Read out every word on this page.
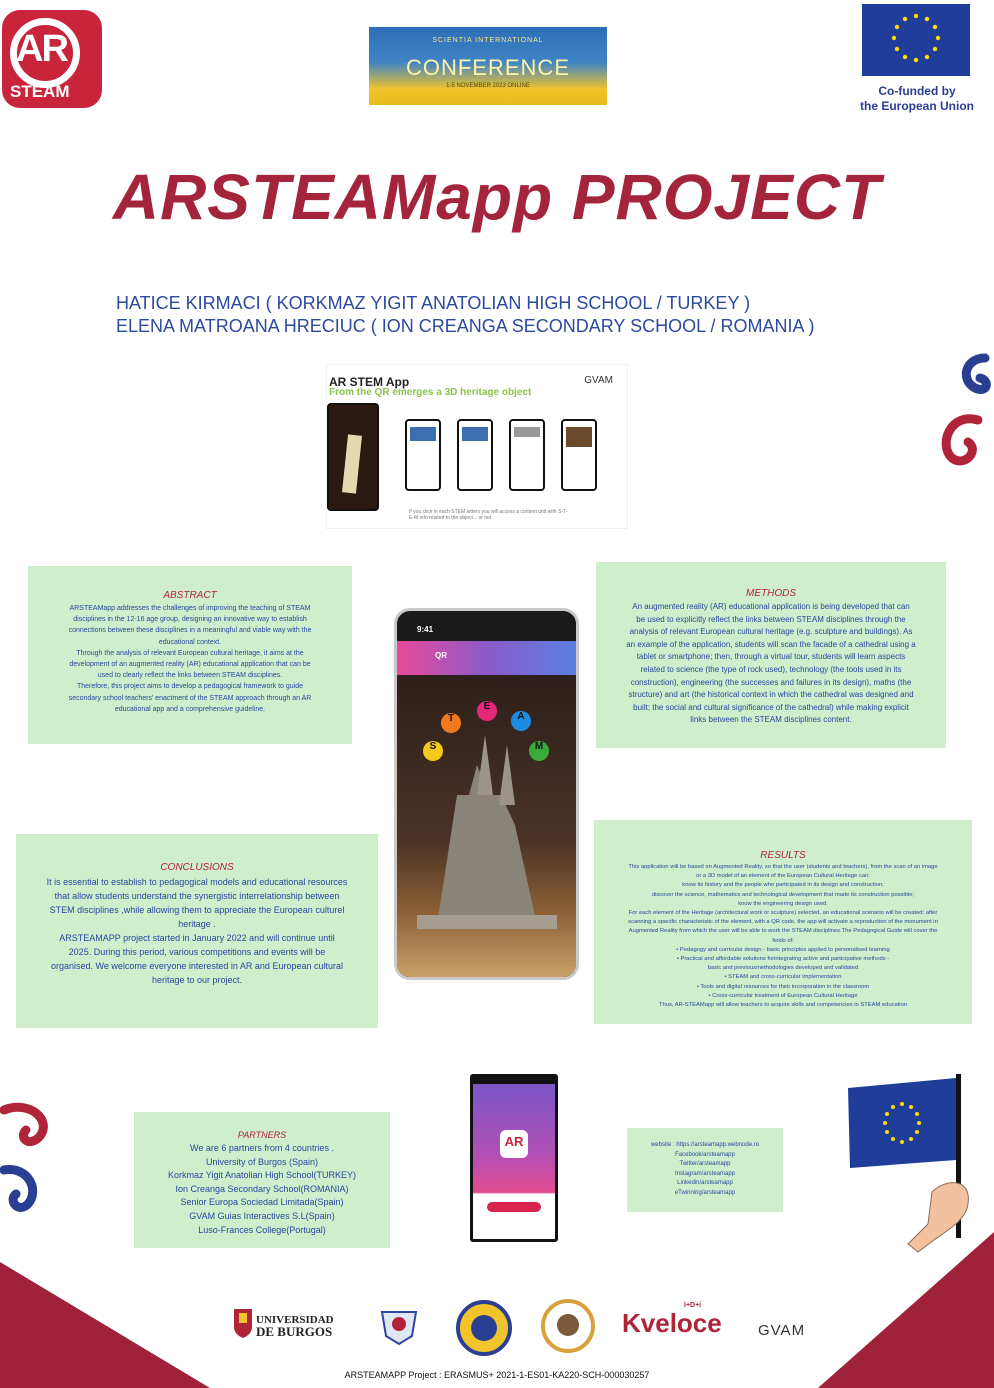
AR
STEAM
SCIENTIA INTERNATIONAL
CONFERENCE
1-5 NOVEMBER 2023 ONLINE	Co-funded by
the European Union
ARSTEAMapp PROJECT
HATICE KIRMACI ( KORKMAZ YIGIT ANATOLIAN HIGH SCHOOL / TURKEY )
ELENA MATROANA HRECIUC ( ION CREANGA SECONDARY SCHOOL / ROMANIA )
AR STEM App
From the QR emerges a 3D heritage object
GVAM
If you click in each STEM letters you will access a content unit with S-T-E-M info related to the object... or not
ABSTRACT
ARSTEAMapp addresses the challenges of improving the teaching of STEAM
disciplines in the 12-16 age group, designing an innovative way to establish
connections between these disciplines in a meaningful and viable way with the
educational context.
Through the analysis of relevant European cultural heritage, it aims at the
development of an augmented reality (AR) educational application that can be
used to clearly reflect the links between STEAM disciplines.
Therefore, this project aims to develop a pedagogical framework to guide
secondary school teachers' enactment of the STEAM approach through an AR
educational app and a comprehensive guideline.
METHODS
An augmented reality (AR) educational application is being developed that can
be used to explicitly reflect the links between STEAM disciplines through the
analysis of relevant European cultural heritage (e.g. sculpture and buildings). As
an example of the application, students will scan the facade of a cathedral using a
tablet or smartphone; then, through a virtual tour, students will learn aspects
related to science (the type of rock used), technology (the tools used in its
construction), engineering (the successes and failures in its design), maths (the
structure) and art (the historical context in which the cathedral was designed and
built; the social and cultural significance of the cathedral) while making explicit
links between the STEAM disciplines content.
9:41
QR
T
E
A
S	M
CONCLUSIONS
It is essential to establish to pedagogical models and educational resources
that allow students understand the synergistic interrelationship between
STEM disciplines ,while allowing them to appreciate the European culturel
heritage .
ARSTEAMAPP project started in January 2022 and will continue until
2025. During this period, various competitions and events will be
organised. We welcome everyone interested in AR and European cultural
heritage to our project.
RESULTS
This application will be based on Augmented Reality, so that the user (students and teachers), from the scan of an image
or a 3D model of an element of the European Cultural Heritage can:
know its history and the people who participated in its design and construction;
discover the science, mathematics and technological development that made its construction possible;
know the engineering design used.
For each element of the Heritage (architectural work or sculpture) selected, an educational scenario will be created: after
scanning a specific characteristic of the element, with a QR code, the app will activate a reproduction of the monument in
Augmented Reality from which the user will be able to work the STEAM disciplines.The Pedagogical Guide will cover the
fields of:
• Pedagogy and curricular design - basic principles applied to personalised learning
• Practical and affordable solutions forintegrating active and participative methods -
basic and previousmethodologies developed and validated
• STEAM and cross-curricular implementation
• Tools and digital resources for their incorporation in the classroom
• Cross-curricular treatment of European Cultural Heritage
Thus, AR-STEAMapp will allow teachers to acquire skills and competencies in STEAM education
PARTNERS
We are 6 partners from 4 countries .
University of Burgos (Spain)
Korkmaz Yigit Anatolian High School(TURKEY)
Ion Creanga Secondary School(ROMANIA)
Senior Europa Sociedad Limitada(Spain)
GVAM Guias Interactives S.L(Spain)
Luso-Frances College(Portugal)
AR	website : https://arsteamapp.webnode.ro
Facebook/arsteamapp
Twitter/arsteamapp
Instagram/arsteamapp
Linkedin/arsteamapp
eTwinning/arsteamapp
UNIVERSIDAD
DE BURGOS	Kveloce
I+D+i
GVAM
ARSTEAMAPP Project : ERASMUS+ 2021-1-ES01-KA220-SCH-000030257
